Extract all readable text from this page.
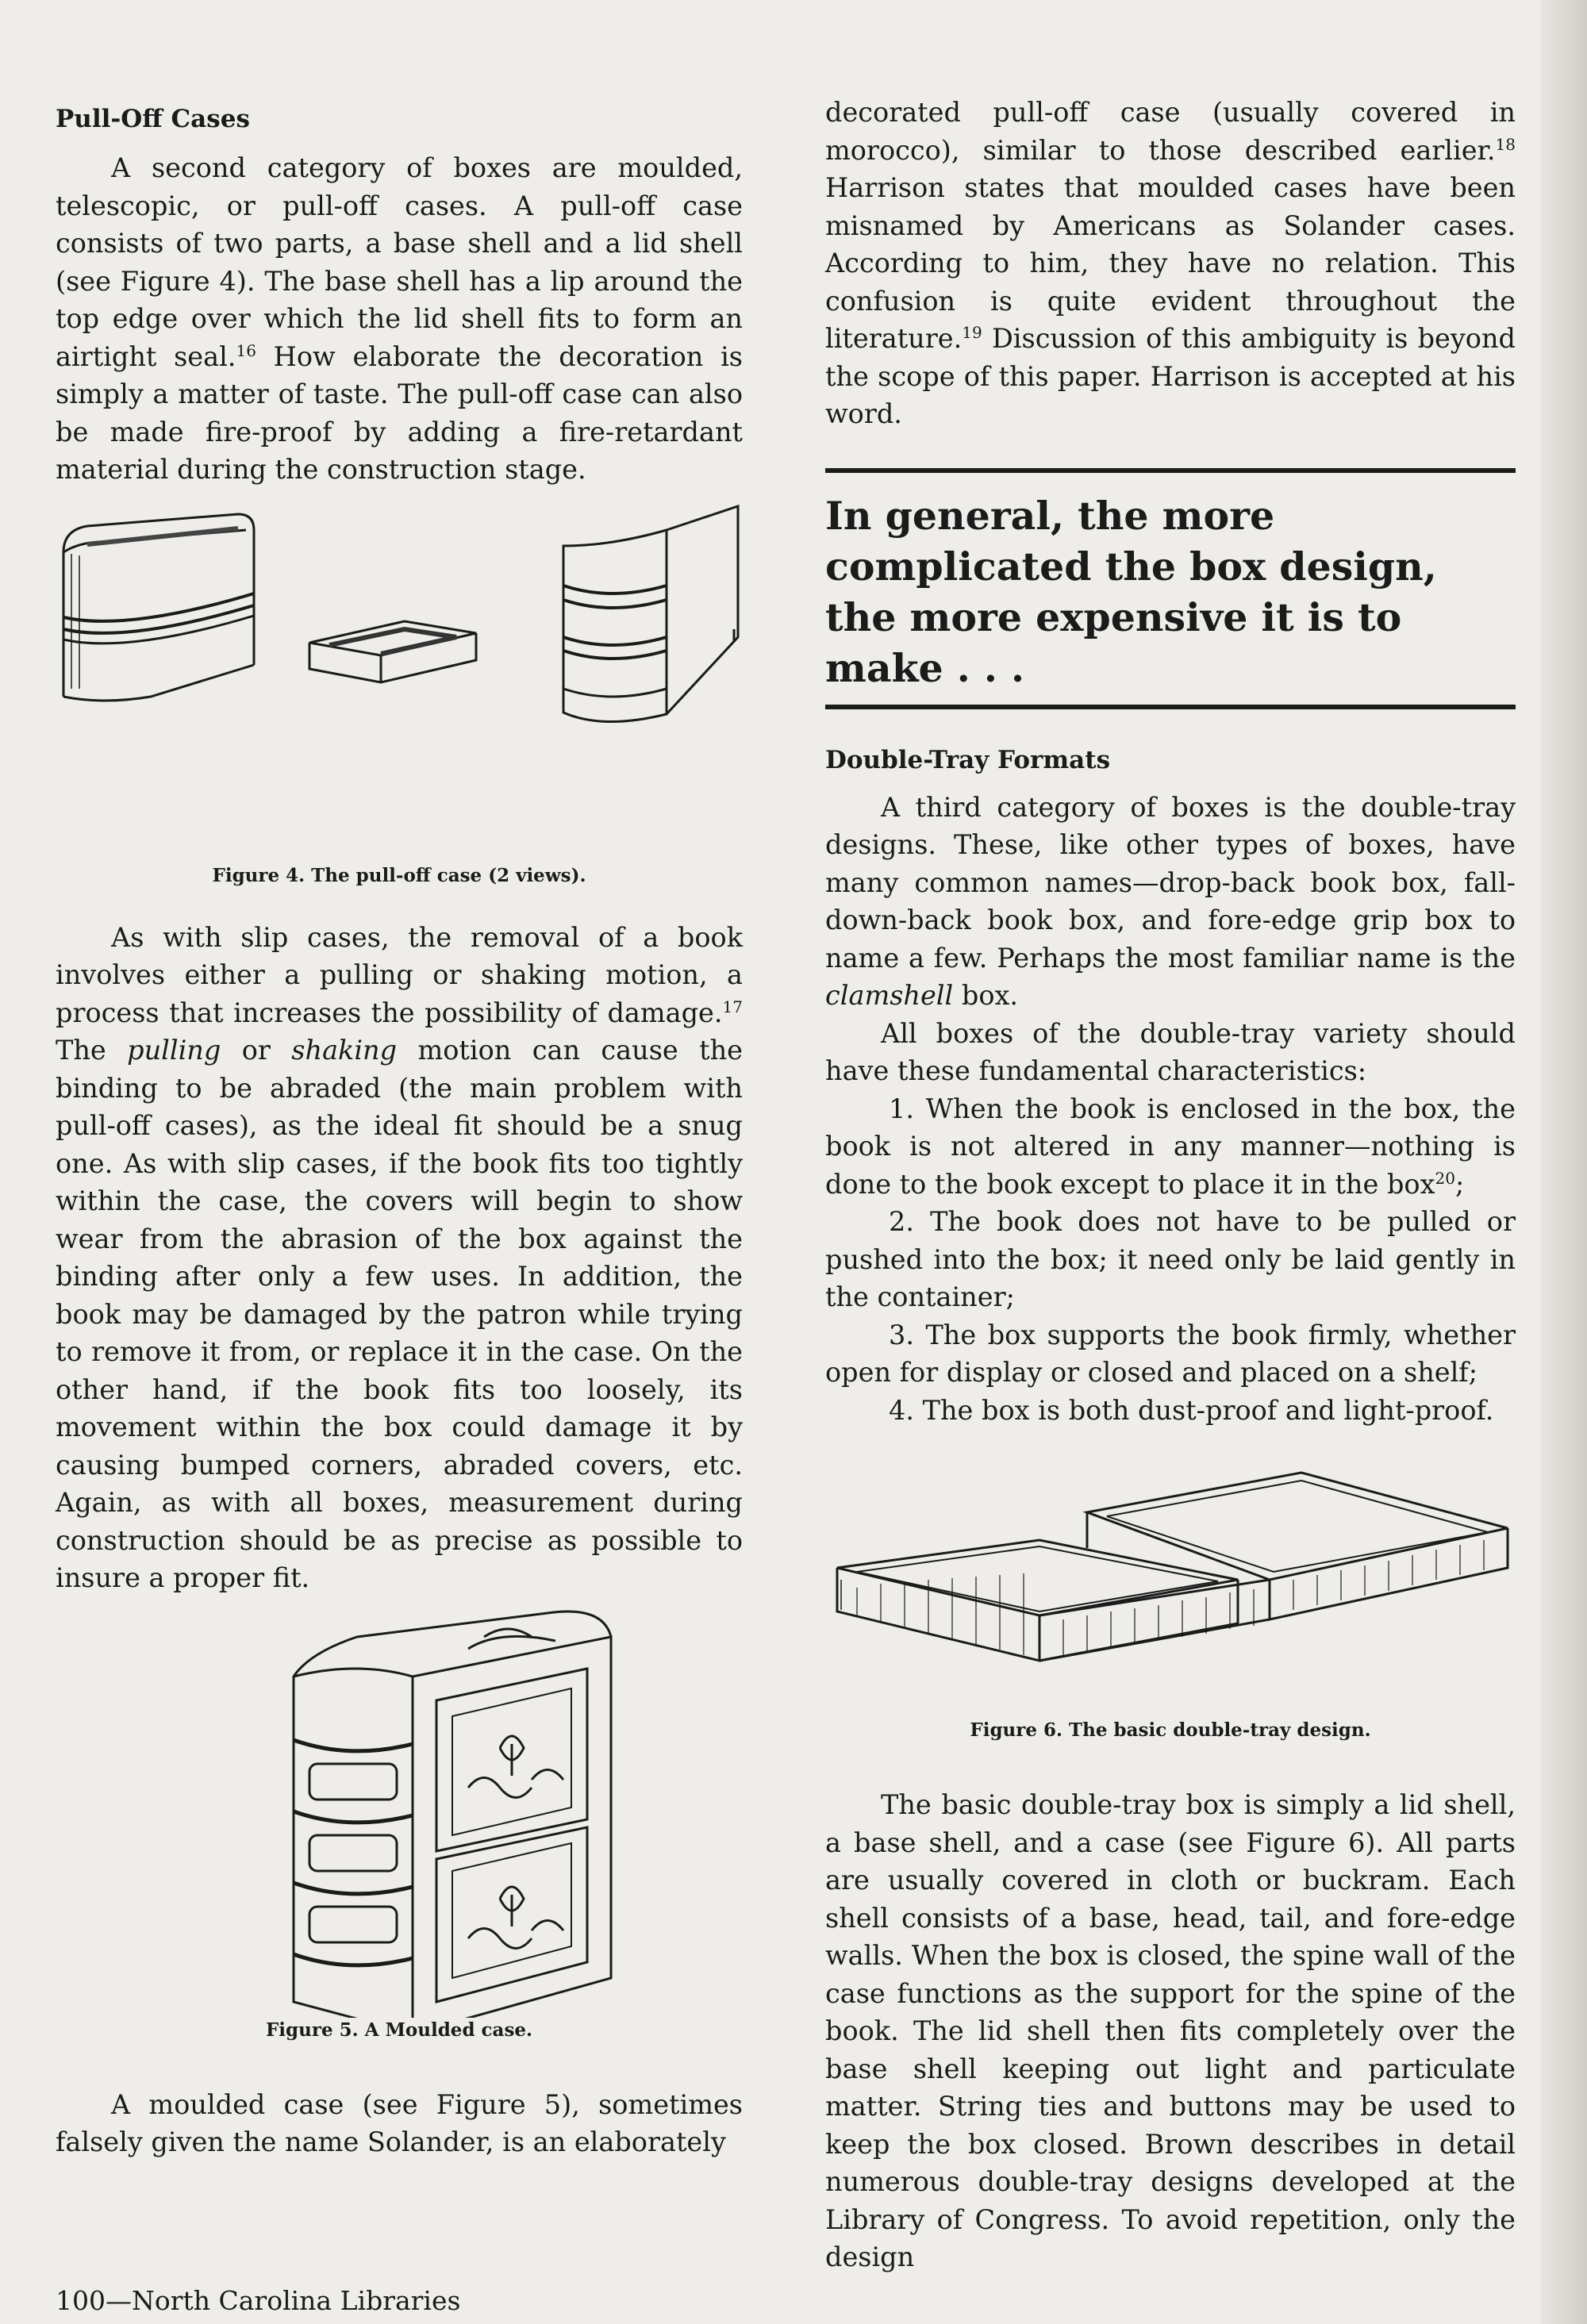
Pull-Off Cases

A second category of boxes are moulded, telescopic, or pull-off cases. A pull-off case consists of two parts, a base shell and a lid shell (see Figure 4). The base shell has a lip around the top edge over which the lid shell fits to form an airtight seal.$^{16}$ How elaborate the decoration is simply a matter of taste. The pull-off case can also be made fire-proof by adding a fire-retardant material during the construction stage.

Figure 4. The pull-off case (2 views).

As with slip cases, the removal of a book involves either a pulling or shaking motion, a process that increases the possibility of damage.$^{17}$ The pulling or shaking motion can cause the binding to be abraded (the main problem with pull-off cases), as the ideal fit should be a snug one. As with slip cases, if the book fits too tightly within the case, the covers will begin to show wear from the abrasion of the box against the binding after only a few uses. In addition, the book may be damaged by the patron while trying to remove it from, or replace it in the case. On the other hand, if the book fits too loosely, its movement within the box could damage it by causing bumped corners, abraded covers, etc. Again, as with all boxes, measurement during construction should be as precise as possible to insure a proper fit.

Figure 5. A Moulded case.

A moulded case (see Figure 5), sometimes falsely given the name Solander, is an elaborately

decorated pull-off case (usually covered in morocco), similar to those described earlier.$^{18}$ Harrison states that moulded cases have been misnamed by Americans as Solander cases. According to him, they have no relation. This confusion is quite evident throughout the literature.$^{19}$ Discussion of this ambiguity is beyond the scope of this paper. Harrison is accepted at his word.

In general, the more complicated the box design, the more expensive it is to make . . .

Double-Tray Formats

A third category of boxes is the double-tray designs. These, like other types of boxes, have many common names—drop-back book box, fall-down-back book box, and fore-edge grip box to name a few. Perhaps the most familiar name is the clamshell box.

All boxes of the double-tray variety should have these fundamental characteristics:

1. When the book is enclosed in the box, the book is not altered in any manner—nothing is done to the book except to place it in the box$^{20}$;

2. The book does not have to be pulled or pushed into the box; it need only be laid gently in the container;

3. The box supports the book firmly, whether open for display or closed and placed on a shelf;

4. The box is both dust-proof and light-proof.

Figure 6. The basic double-tray design.

The basic double-tray box is simply a lid shell, a base shell, and a case (see Figure 6). All parts are usually covered in cloth or buckram. Each shell consists of a base, head, tail, and fore-edge walls. When the box is closed, the spine wall of the case functions as the support for the spine of the book. The lid shell then fits completely over the base shell keeping out light and particulate matter. String ties and buttons may be used to keep the box closed. Brown describes in detail numerous double-tray designs developed at the Library of Congress. To avoid repetition, only the design

100—North Carolina Libraries
